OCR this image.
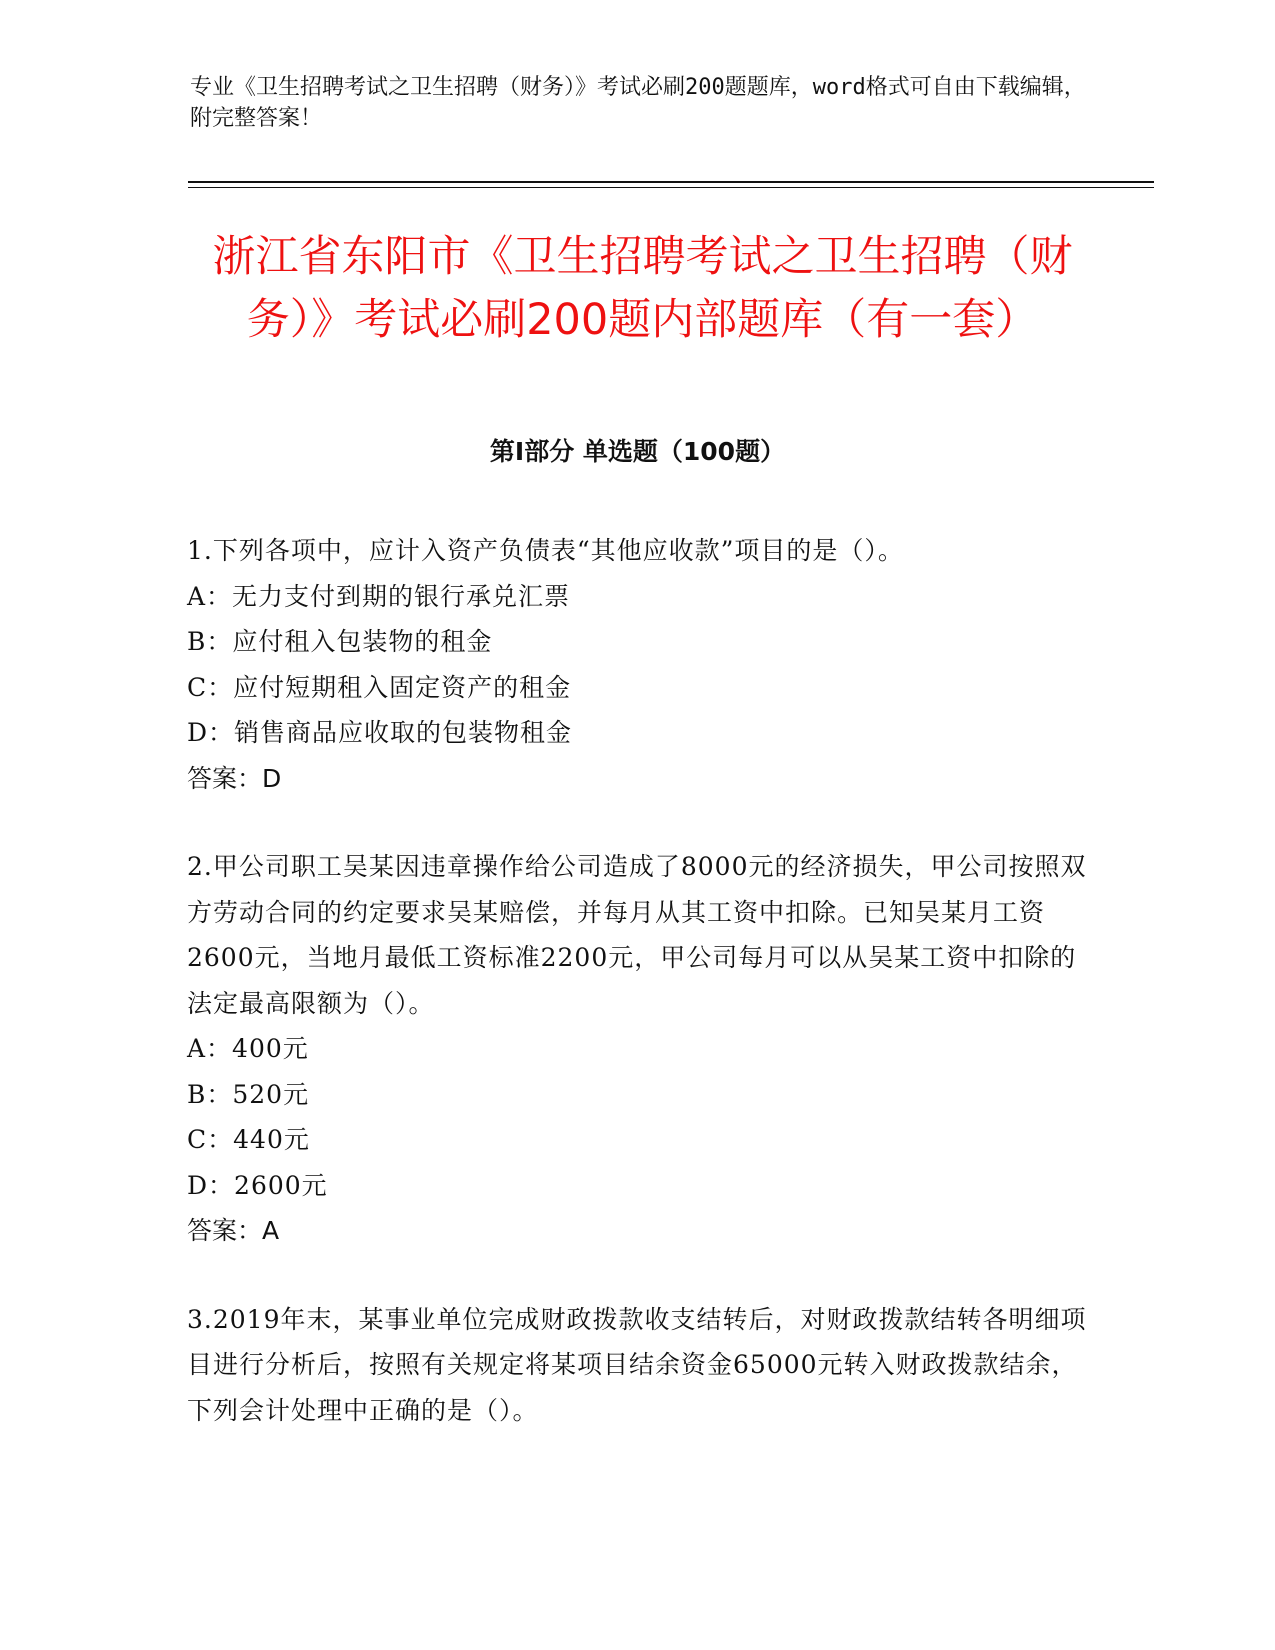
专业《卫生招聘考试之卫生招聘（财务）》考试必刷200题题库，word格式可自由下载编辑，附完整答案！

浙江省东阳市《卫生招聘考试之卫生招聘（财务）》考试必刷200题内部题库（有一套）
第Ⅰ部分 单选题（100题）

1.下列各项中，应计入资产负债表“其他应收款”项目的是（）。

A：无力支付到期的银行承兑汇票

B：应付租入包装物的租金

C：应付短期租入固定资产的租金

D：销售商品应收取的包装物租金

答案：D

2.甲公司职工吴某因违章操作给公司造成了8000元的经济损失，甲公司按照双方劳动合同的约定要求吴某赔偿，并每月从其工资中扣除。已知吴某月工资2600元，当地月最低工资标准2200元，甲公司每月可以从吴某工资中扣除的法定最高限额为（）。

A：400元

B：520元

C：440元

D：2600元

答案：A

3.2019年末，某事业单位完成财政拨款收支结转后，对财政拨款结转各明细项目进行分析后，按照有关规定将某项目结余资金65000元转入财政拨款结余，下列会计处理中正确的是（）。
